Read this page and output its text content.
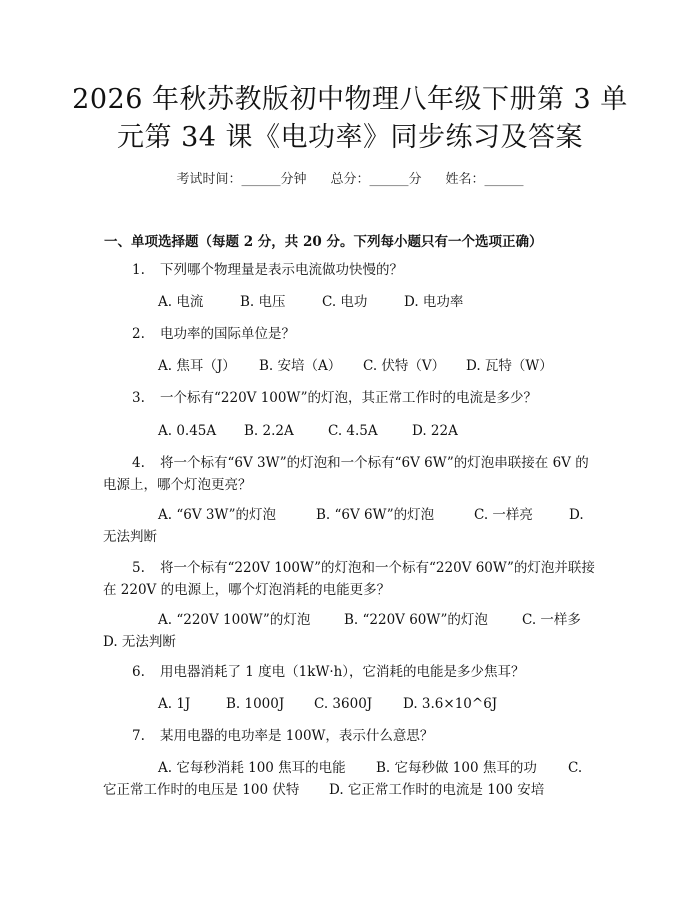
2026 年秋苏教版初中物理八年级下册第 3 单
元第 34 课《电功率》同步练习及答案
考试时间：______分钟 总分：______分 姓名：______
一、单项选择题（每题 2 分，共 20 分。下列每小题只有一个选项正确）
1. 下列哪个物理量是表示电流做功快慢的？
A. 电流	B. 电压	C. 电功	D. 电功率
2. 电功率的国际单位是？
A. 焦耳（J） B. 安培（A） C. 伏特（V） D. 瓦特（W）
3. 一个标有“220V 100W”的灯泡，其正常工作时的电流是多少？
A. 0.45A B. 2.2A	C. 4.5A	D. 22A
4. 将一个标有“6V 3W”的灯泡和一个标有“6V 6W”的灯泡串联接在 6V 的
电源上，哪个灯泡更亮？
A. “6V 3W”的灯泡	B. “6V 6W”的灯泡	C. 一样亮	D.
无法判断
5. 将一个标有“220V 100W”的灯泡和一个标有“220V 60W”的灯泡并联接
在 220V 的电源上，哪个灯泡消耗的电能更多？
A. “220V 100W”的灯泡 B. “220V 60W”的灯泡	C. 一样多
D. 无法判断
6. 用电器消耗了 1 度电（1kW·h），它消耗的电能是多少焦耳？
A. 1J	B. 1000J C. 3600J D. 3.6×10^6J
7. 某用电器的电功率是 100W，表示什么意思？
A. 它每秒消耗 100 焦耳的电能 B. 它每秒做 100 焦耳的功 C.
它正常工作时的电压是 100 伏特 D. 它正常工作时的电流是 100 安培
